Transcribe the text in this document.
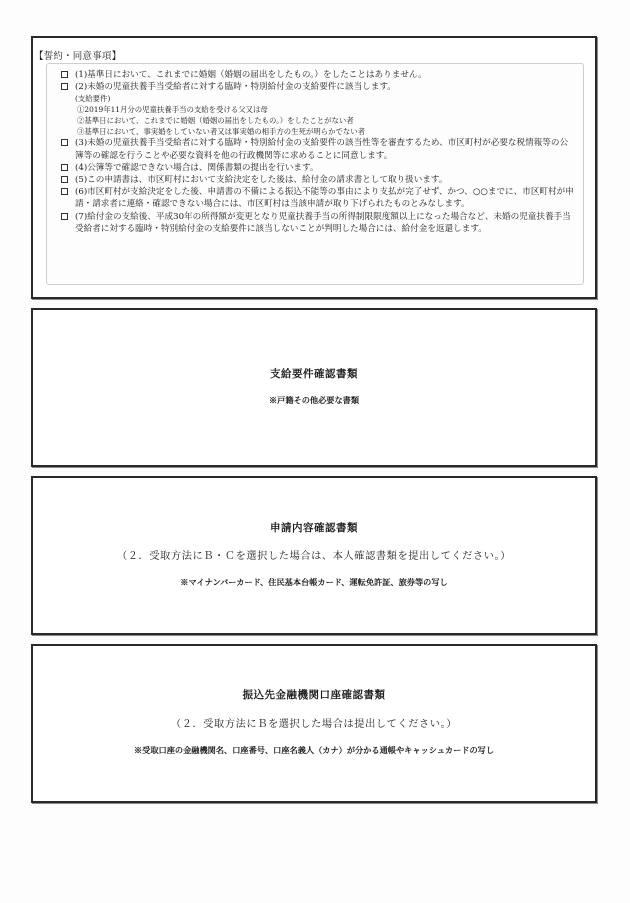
【誓約・同意事項】
(1)基準日において、これまでに婚姻（婚姻の届出をしたもの。）をしたことはありません。
(2)未婚の児童扶養手当受給者に対する臨時・特別給付金の支給要件に該当します。
(支給要件)
①2019年11月分の児童扶養手当の支給を受ける父又は母
②基準日において、これまでに婚姻（婚姻の届出をしたもの。）をしたことがない者
③基準日において、事実婚をしていない者又は事実婚の相手方の生死が明らかでない者
(3)未婚の児童扶養手当受給者に対する臨時・特別給付金の支給要件の該当性等を審査するため、市区町村が必要な税情報等の公簿等の確認を行うことや必要な資料を他の行政機関等に求めることに同意します。
(4)公簿等で確認できない場合は、関係書類の提出を行います。
(5)この申請書は、市区町村において支給決定をした後は、給付金の請求書として取り扱います。
(6)市区町村が支給決定をした後、申請書の不備による振込不能等の事由により支払が完了せず、かつ、○○までに、市区町村が申請・請求者に連絡・確認できない場合には、市区町村は当該申請が取り下げられたものとみなします。
(7)給付金の支給後、平成30年の所得額が変更となり児童扶養手当の所得制限限度額以上になった場合など、未婚の児童扶養手当受給者に対する臨時・特別給付金の支給要件に該当しないことが判明した場合には、給付金を返還します。
支給要件確認書類
※戸籍その他必要な書類
申請内容確認書類
（２．受取方法にＢ・Ｃを選択した場合は、本人確認書類を提出してください。）
※マイナンバーカード、住民基本台帳カード、運転免許証、旅券等の写し
振込先金融機関口座確認書類
（２．受取方法にＢを選択した場合は提出してください。）
※受取口座の金融機関名、口座番号、口座名義人（カナ）が分かる通帳やキャッシュカードの写し
